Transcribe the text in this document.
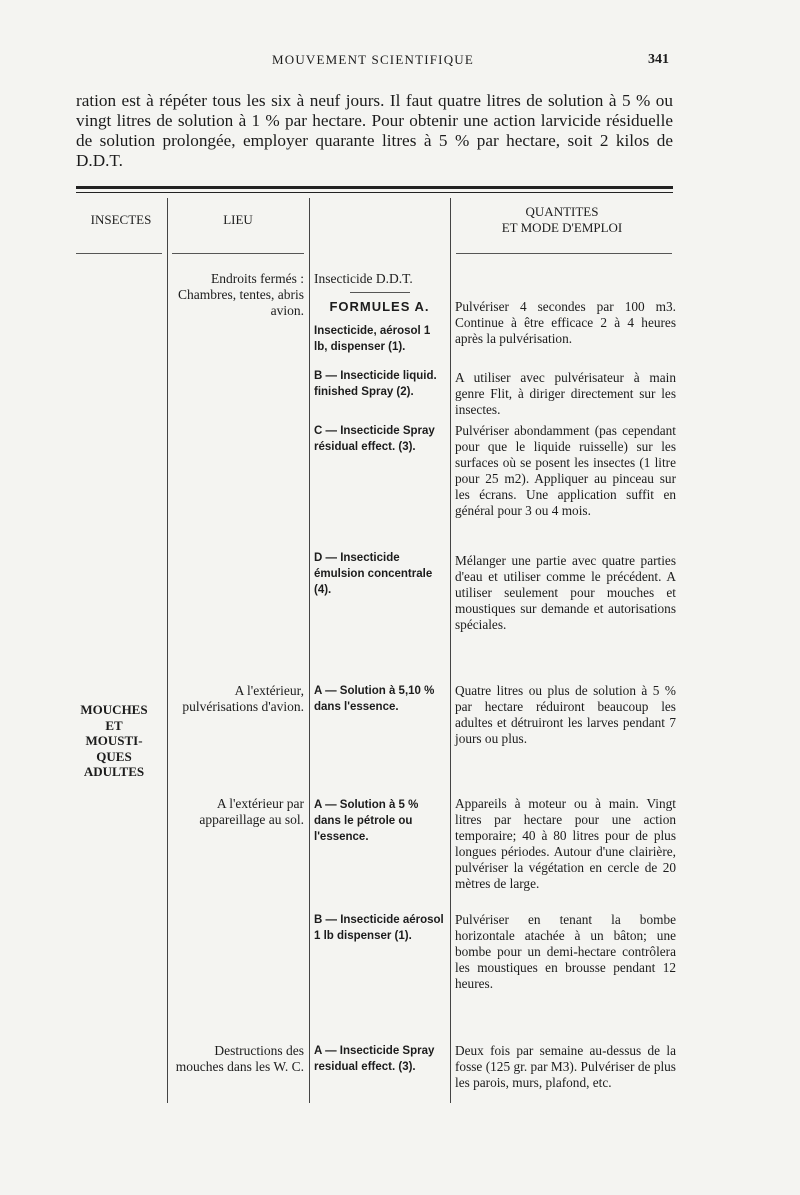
MOUVEMENT SCIENTIFIQUE	341

ration est à répéter tous les six à neuf jours. Il faut quatre litres de solution à 5 % ou vingt litres de solution à 1 % par hectare. Pour obtenir une action larvicide résiduelle de solution prolongée, employer quarante litres à 5 % par hectare, soit 2 kilos de D.D.T.

INSECTES	LIEU
QUANTITES
ET MODE D'EMPLOI
MOUCHES
ET
MOUSTI-
QUES
ADULTES
Endroits fermés : Chambres, tentes, abris avion.
Insecticide D.D.T.
FORMULES A.
Insecticide, aérosol 1 lb, dispenser (1).
Pulvériser 4 secondes par 100 m3. Continue à être efficace 2 à 4 heures après la pulvérisation.
B — Insecticide liquid. finished Spray (2).
A utiliser avec pulvérisateur à main genre Flit, à diriger directement sur les insectes.
C — Insecticide Spray résidual effect. (3).
Pulvériser abondamment (pas cependant pour que le liquide ruisselle) sur les surfaces où se posent les insectes (1 litre pour 25 m2). Appliquer au pinceau sur les écrans. Une application suffit en général pour 3 ou 4 mois.
D — Insecticide émulsion concentrale (4).
Mélanger une partie avec quatre parties d'eau et utiliser comme le précédent. A utiliser seulement pour mouches et moustiques sur demande et autorisations spéciales.
A l'extérieur, pulvérisations d'avion.
A — Solution à 5,10 % dans l'essence.
Quatre litres ou plus de solution à 5 % par hectare réduiront beaucoup les adultes et détruiront les larves pendant 7 jours ou plus.
A l'extérieur par appareillage au sol.
A — Solution à 5 % dans le pétrole ou l'essence.
Appareils à moteur ou à main. Vingt litres par hectare pour une action temporaire; 40 à 80 litres pour de plus longues périodes. Autour d'une clairière, pulvériser la végétation en cercle de 20 mètres de large.
B — Insecticide aérosol 1 lb dispenser (1).
Pulvériser en tenant la bombe horizontale atachée à un bâton; une bombe pour un demi-hectare contrôlera les moustiques en brousse pendant 12 heures.
Destructions des mouches dans les W. C.
A — Insecticide Spray residual effect. (3).
Deux fois par semaine au-dessus de la fosse (125 gr. par M3). Pulvériser de plus les parois, murs, plafond, etc.
